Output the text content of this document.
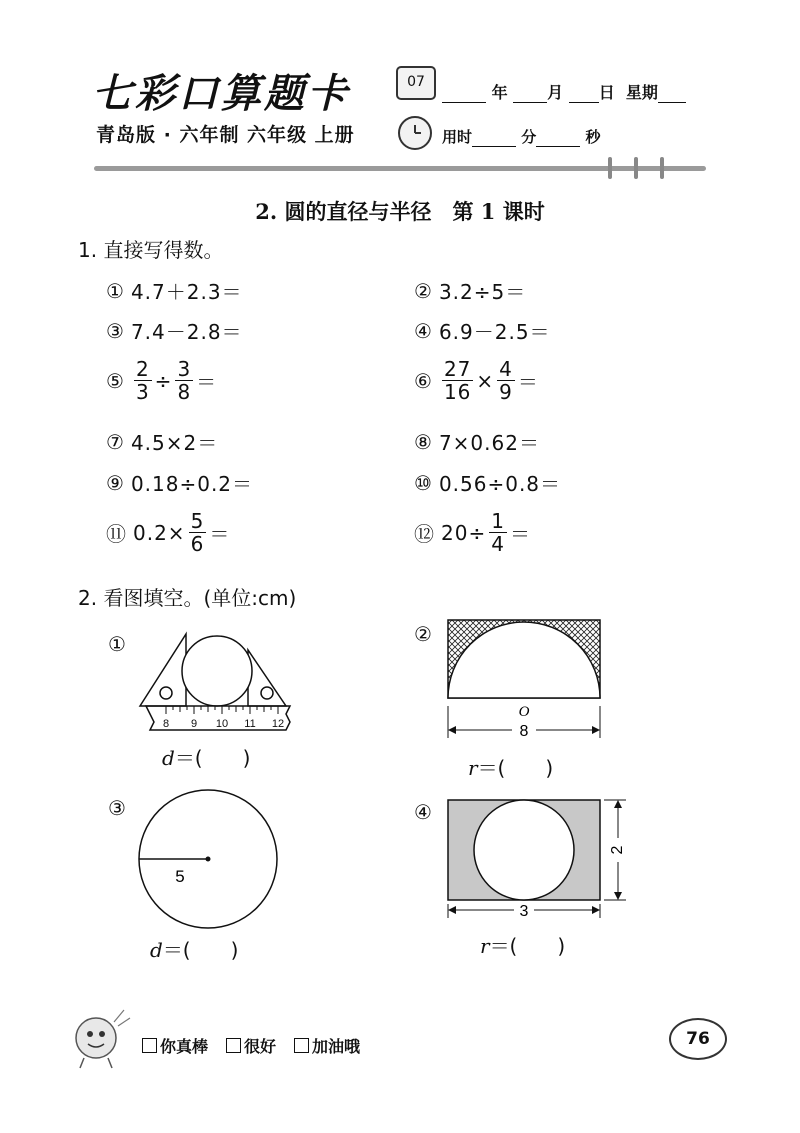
七彩口算题卡
青岛版 · 六年制 六年级 上册
07
年 月 日 星期
用时	分	秒
2. 圆的直径与半径　第 1 课时
1. 直接写得数。
① 4.7＋2.3＝	② 3.2÷5＝
③ 7.4－2.8＝	④ 6.9－2.5＝
⑤ $\frac{2}{3} \div \frac{3}{8}$ ＝	⑥ $\frac{27}{16} \times \frac{4}{9}$ ＝
⑦ 4.5×2＝	⑧ 7×0.62＝
⑨ 0.18÷0.2＝	⑩ 0.56÷0.8＝
⑪ $0.2\times \frac{5}{6}$ ＝	⑫ $20\div \frac{1}{4}$ ＝
2. 看图填空。(单位:cm)
①
8 9 10 11 12
d＝(　　)
②
O
8
r＝(　　)
③
5
d＝(　　)
④
2
3
r＝(　　)
你真棒	很好	加油哦	76
